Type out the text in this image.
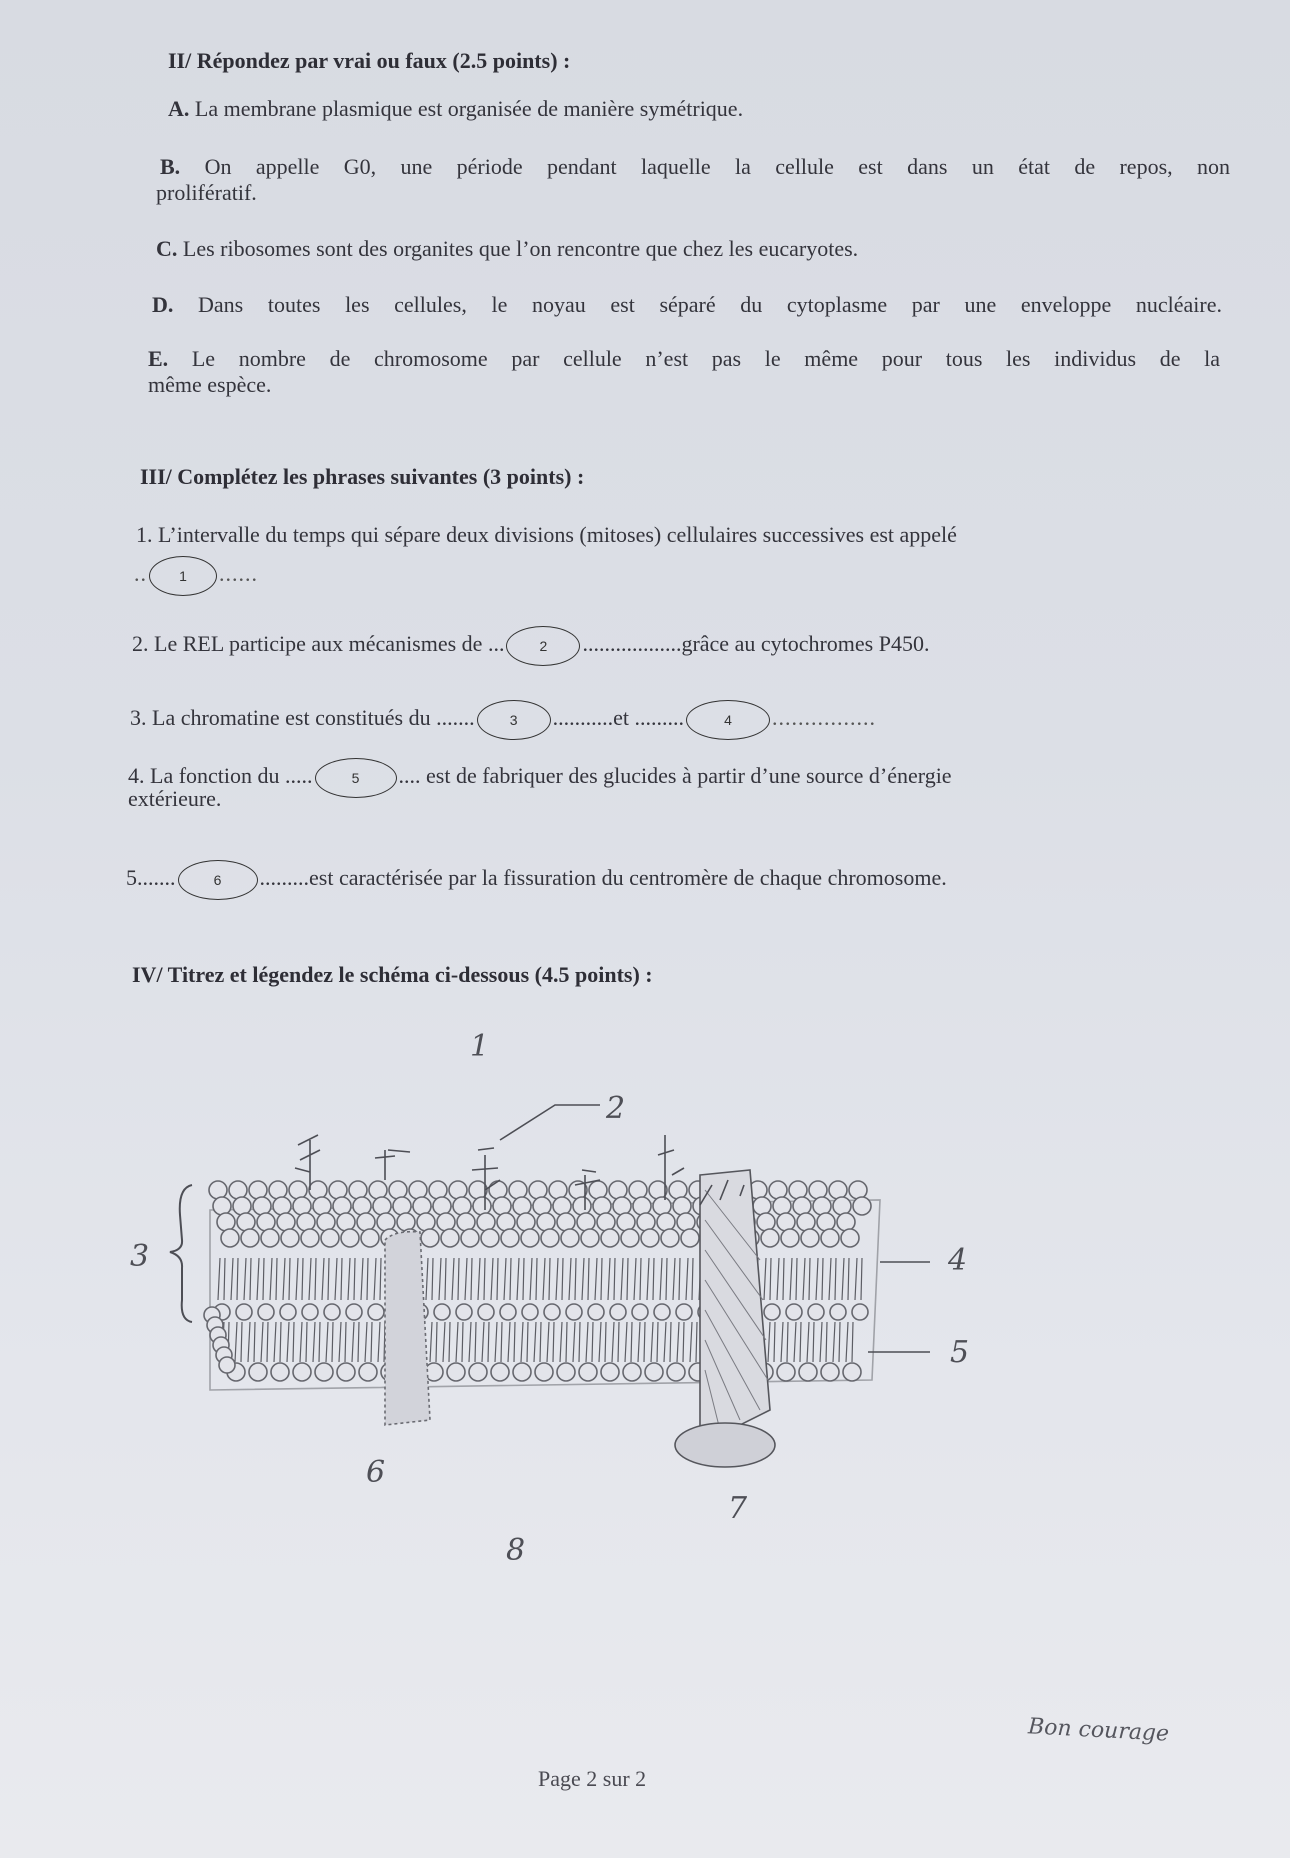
II/ Répondez par vrai ou faux (2.5 points) :
A. La membrane plasmique est organisée de manière symétrique.
B. On appelle G0, une période pendant laquelle la cellule est dans un état de repos, non
prolifératif.
C. Les ribosomes sont des organites que l’on rencontre que chez les eucaryotes.
D. Dans toutes les cellules, le noyau est séparé du cytoplasme par une enveloppe nucléaire.
E. Le nombre de chromosome par cellule n’est pas le même pour tous les individus de la
même espèce.
III/ Complétez les phrases suivantes (3 points) :
1. L’intervalle du temps qui sépare deux divisions (mitoses) cellulaires successives est appelé
.. 1 ......
2. Le REL participe aux mécanismes de ...	2 ..................grâce au cytochromes P450.
3. La chromatine est constitués du .......	3 ...........et .........	4 ................
4. La fonction du .....	5 .... est de fabriquer des glucides à partir d’une source d’énergie
extérieure.
5.......	6 .........est caractérisée par la fissuration du centromère de chaque chromosome.
IV/ Titrez et légendez le schéma ci-dessous (4.5 points) :
1
2
3	4
5
6
7
8
Bon courage
Page 2 sur 2
